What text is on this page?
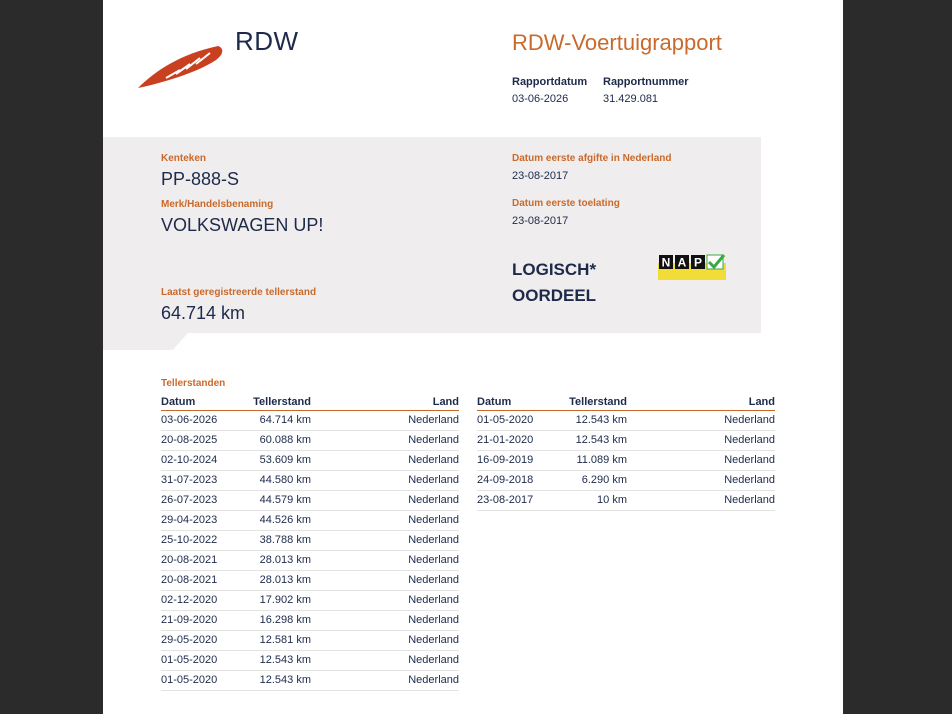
RDW	RDW-Voertuigrapport
Rapportdatum
03-06-2026
Rapportnummer
31.429.081
Kenteken
PP-888-S
Merk/Handelsbenaming
VOLKSWAGEN UP!
Laatst geregistreerde tellerstand
64.714 km
Datum eerste afgifte in Nederland
23-08-2017
Datum eerste toelating
23-08-2017
LOGISCH*
OORDEEL
N A P
Tellerstanden
Datum	Tellerstand	Land
03-06-2026	64.714 km	Nederland
20-08-2025	60.088 km	Nederland
02-10-2024	53.609 km	Nederland
31-07-2023	44.580 km	Nederland
26-07-2023	44.579 km	Nederland
29-04-2023	44.526 km	Nederland
25-10-2022	38.788 km	Nederland
20-08-2021	28.013 km	Nederland
20-08-2021	28.013 km	Nederland
02-12-2020	17.902 km	Nederland
21-09-2020	16.298 km	Nederland
29-05-2020	12.581 km	Nederland
01-05-2020	12.543 km	Nederland
01-05-2020	12.543 km	Nederland
Datum	Tellerstand	Land
01-05-2020	12.543 km	Nederland
21-01-2020	12.543 km	Nederland
16-09-2019	11.089 km	Nederland
24-09-2018	6.290 km	Nederland
23-08-2017	10 km	Nederland
